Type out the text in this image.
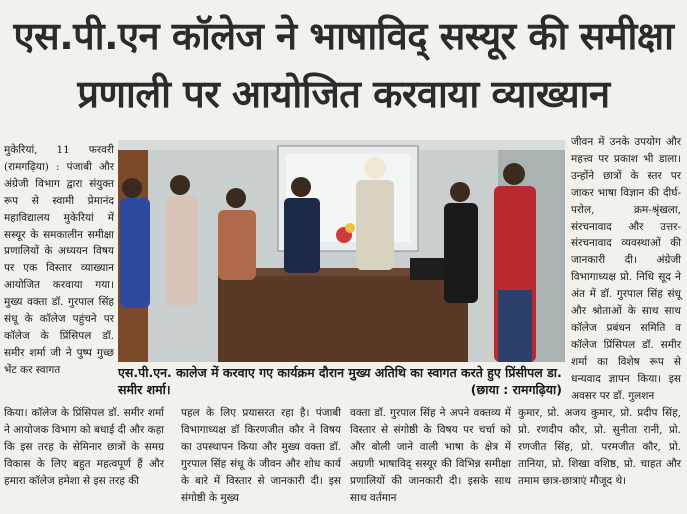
एस.पी.एन कॉलेज ने भाषाविद् सस्यूर की समीक्षा
प्रणाली पर आयोजित करवाया व्याख्यान

मुकेरियां, 11 फरवरी (रामगढ़िया) : पंजाबी और अंग्रेजी विभाग द्वारा संयुक्त रूप से स्वामी प्रेमानंद महाविद्यालय मुकेरियां में सस्यूर के समकालीन समीक्षा प्रणालियों के अध्ययन विषय पर एक विस्तार व्याख्यान आयोजित करवाया गया। मुख्य वक्ता डॉ. गुरपाल सिंह संधू के कॉलेज पहुंचने पर कॉलेज के प्रिंसिपल डॉ. समीर शर्मा जी ने पुष्प गुच्छ भेंट कर स्वागत	एस.पी.एन. कालेज में करवाए गए कार्यक्रम दौरान मुख्य अतिथि का स्वागत करते हुए प्रिंसीपल डा. समीर शर्मा।	(छाया : रामगढ़िया)

जीवन में उनके उपयोग और महत्त्व पर प्रकाश भी डाला। उन्होंने छात्रों के स्तर पर जाकर भाषा विज्ञान की दीर्घ-परोल, क्रम-श्रृंखला, संरचनावाद और उत्तर-संरचनावाद व्यवस्थाओं की जानकारी दी। अंग्रेजी विभागाध्यक्ष प्रो. निधि सूद ने अंत में डॉ. गुरपाल सिंह संधू और श्रोताओं के साथ साथ कॉलेज प्रबंधन समिति व कॉलेज प्रिंसिपल डॉ. समीर शर्मा का विशेष रूप से धन्यवाद ज्ञापन किया। इस अवसर पर डॉ. गुलशन

किया। कॉलेज के प्रिंसिपल डॉ. समीर शर्मा ने आयोजक विभाग को बधाई दी और कहा कि इस तरह के सेमिनार छात्रों के समग्र विकास के लिए बहुत महत्वपूर्ण हैं और हमारा कॉलेज हमेशा से इस तरह की

पहल के लिए प्रयासरत रहा है। पंजाबी विभागाध्यक्ष डॉ किरणजीत कौर ने विषय का उपस्थापन किया और मुख्य वक्ता डॉ. गुरपाल सिंह संधू के जीवन और शोध कार्य के बारे में विस्तार से जानकारी दी। इस संगोष्ठी के मुख्य

वक्ता डॉ. गुरपाल सिंह ने अपने वक्तव्य में विस्तार से संगोष्ठी के विषय पर चर्चा को और बोली जाने वाली भाषा के क्षेत्र में अग्रणी भाषाविद् सस्यूर की विभिन्न समीक्षा प्रणालियों की जानकारी दी। इसके साथ साथ वर्तमान

कुमार, प्रो. अजय कुमार, प्रो. प्रदीप सिंह, प्रो. रणदीप कौर, प्रो. सुनीता रानी, प्रो. रणजीत सिंह, प्रो. परमजीत कौर, प्रो. तानिया, प्रो. शिखा वशिष्ठ, प्रो. चाहत और तमाम छात्र-छात्राएं मौजूद थे।
